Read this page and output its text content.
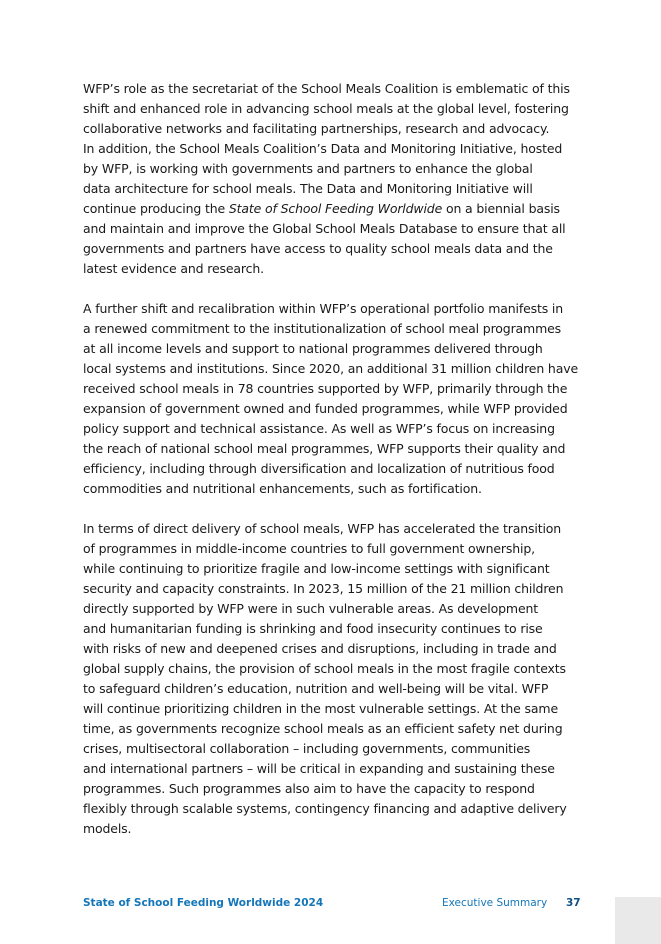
WFP’s role as the secretariat of the School Meals Coalition is emblematic of this
shift and enhanced role in advancing school meals at the global level, fostering
collaborative networks and facilitating partnerships, research and advocacy.
In addition, the School Meals Coalition’s Data and Monitoring Initiative, hosted
by WFP, is working with governments and partners to enhance the global
data architecture for school meals. The Data and Monitoring Initiative will
continue producing the State of School Feeding Worldwide on a biennial basis
and maintain and improve the Global School Meals Database to ensure that all
governments and partners have access to quality school meals data and the
latest evidence and research.

A further shift and recalibration within WFP’s operational portfolio manifests in
a renewed commitment to the institutionalization of school meal programmes
at all income levels and support to national programmes delivered through
local systems and institutions. Since 2020, an additional 31 million children have
received school meals in 78 countries supported by WFP, primarily through the
expansion of government owned and funded programmes, while WFP provided
policy support and technical assistance. As well as WFP’s focus on increasing
the reach of national school meal programmes, WFP supports their quality and
efficiency, including through diversification and localization of nutritious food
commodities and nutritional enhancements, such as fortification.

In terms of direct delivery of school meals, WFP has accelerated the transition
of programmes in middle-income countries to full government ownership,
while continuing to prioritize fragile and low-income settings with significant
security and capacity constraints. In 2023, 15 million of the 21 million children
directly supported by WFP were in such vulnerable areas. As development
and humanitarian funding is shrinking and food insecurity continues to rise
with risks of new and deepened crises and disruptions, including in trade and
global supply chains, the provision of school meals in the most fragile contexts
to safeguard children’s education, nutrition and well-being will be vital. WFP
will continue prioritizing children in the most vulnerable settings. At the same
time, as governments recognize school meals as an efficient safety net during
crises, multisectoral collaboration – including governments, communities
and international partners – will be critical in expanding and sustaining these
programmes. Such programmes also aim to have the capacity to respond
flexibly through scalable systems, contingency financing and adaptive delivery
models.

State of School Feeding Worldwide 2024	Executive Summary 37
